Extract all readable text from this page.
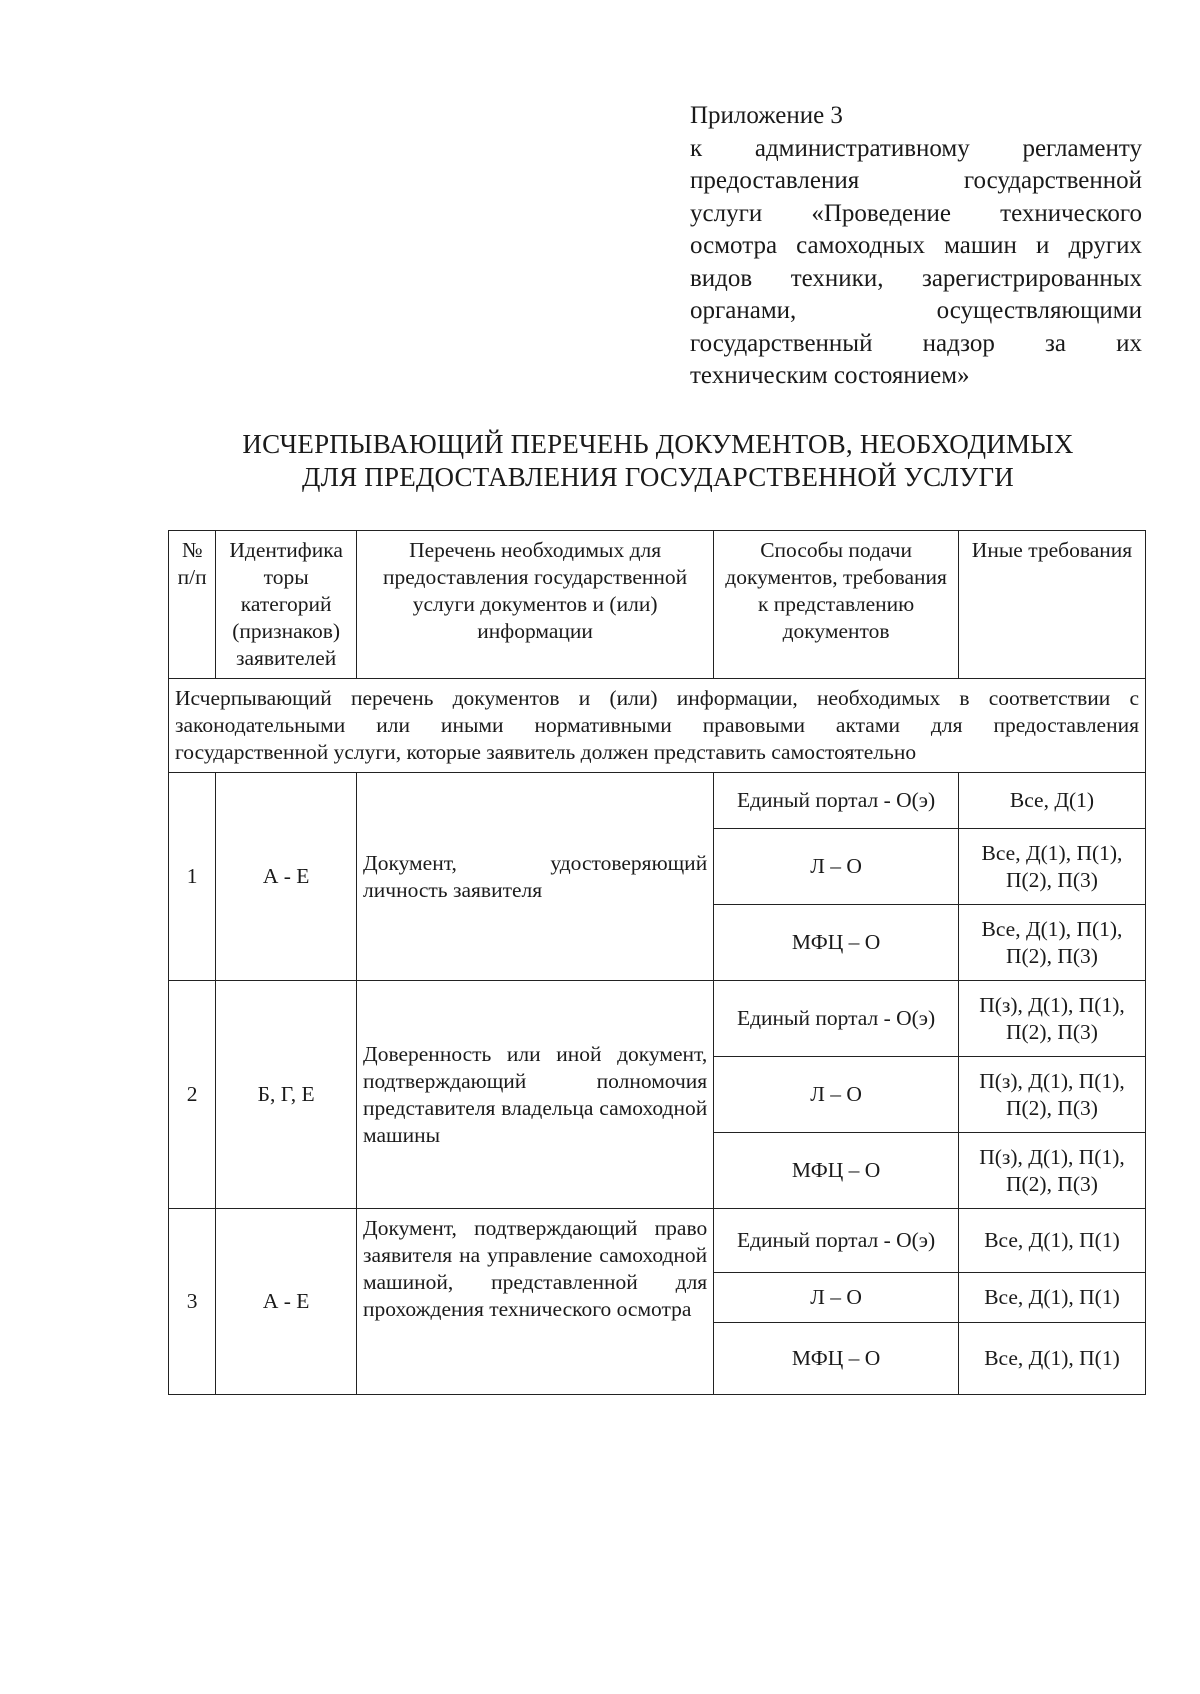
Приложение 3
к административному регламенту
предоставления государственной
услуги «Проведение технического
осмотра самоходных машин и других
видов техники, зарегистрированных
органами, осуществляющими
государственный надзор за их
техническим состоянием»
ИСЧЕРПЫВАЮЩИЙ ПЕРЕЧЕНЬ ДОКУМЕНТОВ, НЕОБХОДИМЫХ
ДЛЯ ПРЕДОСТАВЛЕНИЯ ГОСУДАРСТВЕННОЙ УСЛУГИ
№ п/п	Идентифика торы категорий (признаков) заявителей	Перечень необходимых для предоставления государственной услуги документов и (или) информации	Способы подачи документов, требования к представлению документов	Иные требования

Исчерпывающий перечень документов и (или) информации, необходимых в соответствии с
законодательными или иными нормативными правовыми актами для предоставления
государственной услуги, которые заявитель должен представить самостоятельно				

1	А - Е	Документ, удостоверяющий личность заявителя	Единый портал - О(э)	Все, Д(1)
			Л – О	Все, Д(1), П(1), П(2), П(3)
			МФЦ – О	Все, Д(1), П(1), П(2), П(3)
2	Б, Г, Е	Доверенность или иной документ, подтверждающий полномочия представителя владельца самоходной машины	Единый портал - О(э)	П(з), Д(1), П(1), П(2), П(3)
			Л – О	П(з), Д(1), П(1), П(2), П(3)
			МФЦ – О	П(з), Д(1), П(1), П(2), П(3)
3	А - Е	Документ, подтверждающий право заявителя на управление самоходной машиной, представленной для прохождения технического осмотра	Единый портал - О(э)	Все, Д(1), П(1)
			Л – О	Все, Д(1), П(1)
			МФЦ – О	Все, Д(1), П(1)
